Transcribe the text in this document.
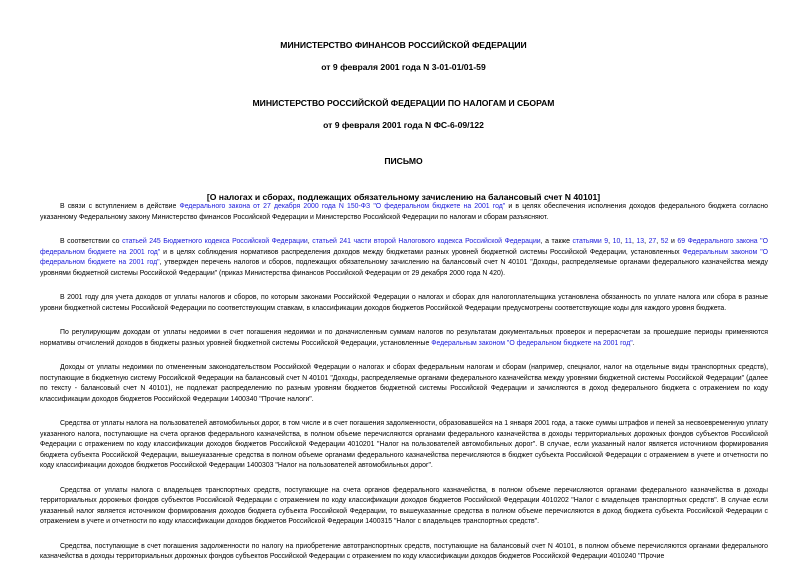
МИНИСТЕРСТВО ФИНАНСОВ РОССИЙСКОЙ ФЕДЕРАЦИИ
от 9 февраля 2001 года N 3-01-01/01-59
МИНИСТЕРСТВО РОССИЙСКОЙ ФЕДЕРАЦИИ ПО НАЛОГАМ И СБОРАМ
от 9 февраля 2001 года N ФС-6-09/122
ПИСЬМО
[О налогах и сборах, подлежащих обязательному зачислению на балансовый счет N 40101]

В связи с вступлением в действие Федерального закона от 27 декабря 2000 года N 150-ФЗ "О федеральном бюджете на 2001 год" и в целях обеспечения исполнения доходов федерального бюджета согласно указанному Федеральному закону Министерство финансов Российской Федерации и Министерство Российской Федерации по налогам и сборам разъясняют.

В соответствии со статьей 245 Бюджетного кодекса Российской Федерации, статьей 241 части второй Налогового кодекса Российской Федерации, а также статьями 9, 10, 11, 13, 27, 52 и 69 Федерального закона "О федеральном бюджете на 2001 год" и в целях соблюдения нормативов распределения доходов между бюджетами разных уровней бюджетной системы Российской Федерации, установленных Федеральным законом "О федеральном бюджете на 2001 год", утвержден перечень налогов и сборов, подлежащих обязательному зачислению на балансовый счет N 40101 "Доходы, распределяемые органами федерального казначейства между уровнями бюджетной системы Российской Федерации" (приказ Министерства финансов Российской Федерации от 29 декабря 2000 года N 420).

В 2001 году для учета доходов от уплаты налогов и сборов, по которым законами Российской Федерации о налогах и сборах для налогоплательщика установлена обязанность по уплате налога или сбора в разные уровни бюджетной системы Российской Федерации по соответствующим ставкам, в классификации доходов бюджетов Российской Федерации предусмотрены соответствующие коды для каждого уровня бюджета.

По регулирующим доходам от уплаты недоимки в счет погашения недоимки и по доначисленным суммам налогов по результатам документальных проверок и перерасчетам за прошедшие периоды применяются нормативы отчислений доходов в бюджеты разных уровней бюджетной системы Российской Федерации, установленные Федеральным законом "О федеральном бюджете на 2001 год".

Доходы от уплаты недоимки по отмененным законодательством Российской Федерации о налогах и сборах федеральным налогам и сборам (например, спецналог, налог на отдельные виды транспортных средств), поступающие в бюджетную систему Российской Федерации на балансовый счет N 40101 "Доходы, распределяемые органами федерального казначейства между уровнями бюджетной системы Российской Федерации" (далее по тексту - балансовый счет N 40101), не подлежат распределению по разным уровням бюджетов бюджетной системы Российской Федерации и зачисляются в доход федерального бюджета с отражением по коду классификации доходов бюджетов Российской Федерации 1400340 "Прочие налоги".

Средства от уплаты налога на пользователей автомобильных дорог, в том числе и в счет погашения задолженности, образовавшейся на 1 января 2001 года, а также суммы штрафов и пеней за несвоевременную уплату указанного налога, поступающие на счета органов федерального казначейства, в полном объеме перечисляются органами федерального казначейства в доходы территориальных дорожных фондов субъектов Российской Федерации с отражением по коду классификации доходов бюджетов Российской Федерации 4010201 "Налог на пользователей автомобильных дорог". В случае, если указанный налог является источником формирования бюджета субъекта Российской Федерации, вышеуказанные средства в полном объеме органами федерального казначейства перечисляются в бюджет субъекта Российской Федерации с отражением в учете и отчетности по коду классификации доходов бюджетов Российской Федерации 1400303 "Налог на пользователей автомобильных дорог".

Средства от уплаты налога с владельцев транспортных средств, поступающие на счета органов федерального казначейства, в полном объеме перечисляются органами федерального казначейства в доходы территориальных дорожных фондов субъектов Российской Федерации с отражением по коду классификации доходов бюджетов Российской Федерации 4010202 "Налог с владельцев транспортных средств". В случае если указанный налог является источником формирования доходов бюджета субъекта Российской Федерации, то вышеуказанные средства в полном объеме перечисляются в доход бюджета субъекта Российской Федерации с отражением в учете и отчетности по коду классификации доходов бюджетов Российской Федерации 1400315 "Налог с владельцев транспортных средств".

Средства, поступающие в счет погашения задолженности по налогу на приобретение автотранспортных средств, поступающие на балансовый счет N 40101, в полном объеме перечисляются органами федерального казначейства в доходы территориальных дорожных фондов субъектов Российской Федерации с отражением по коду классификации доходов бюджетов Российской Федерации 4010240 "Прочие
